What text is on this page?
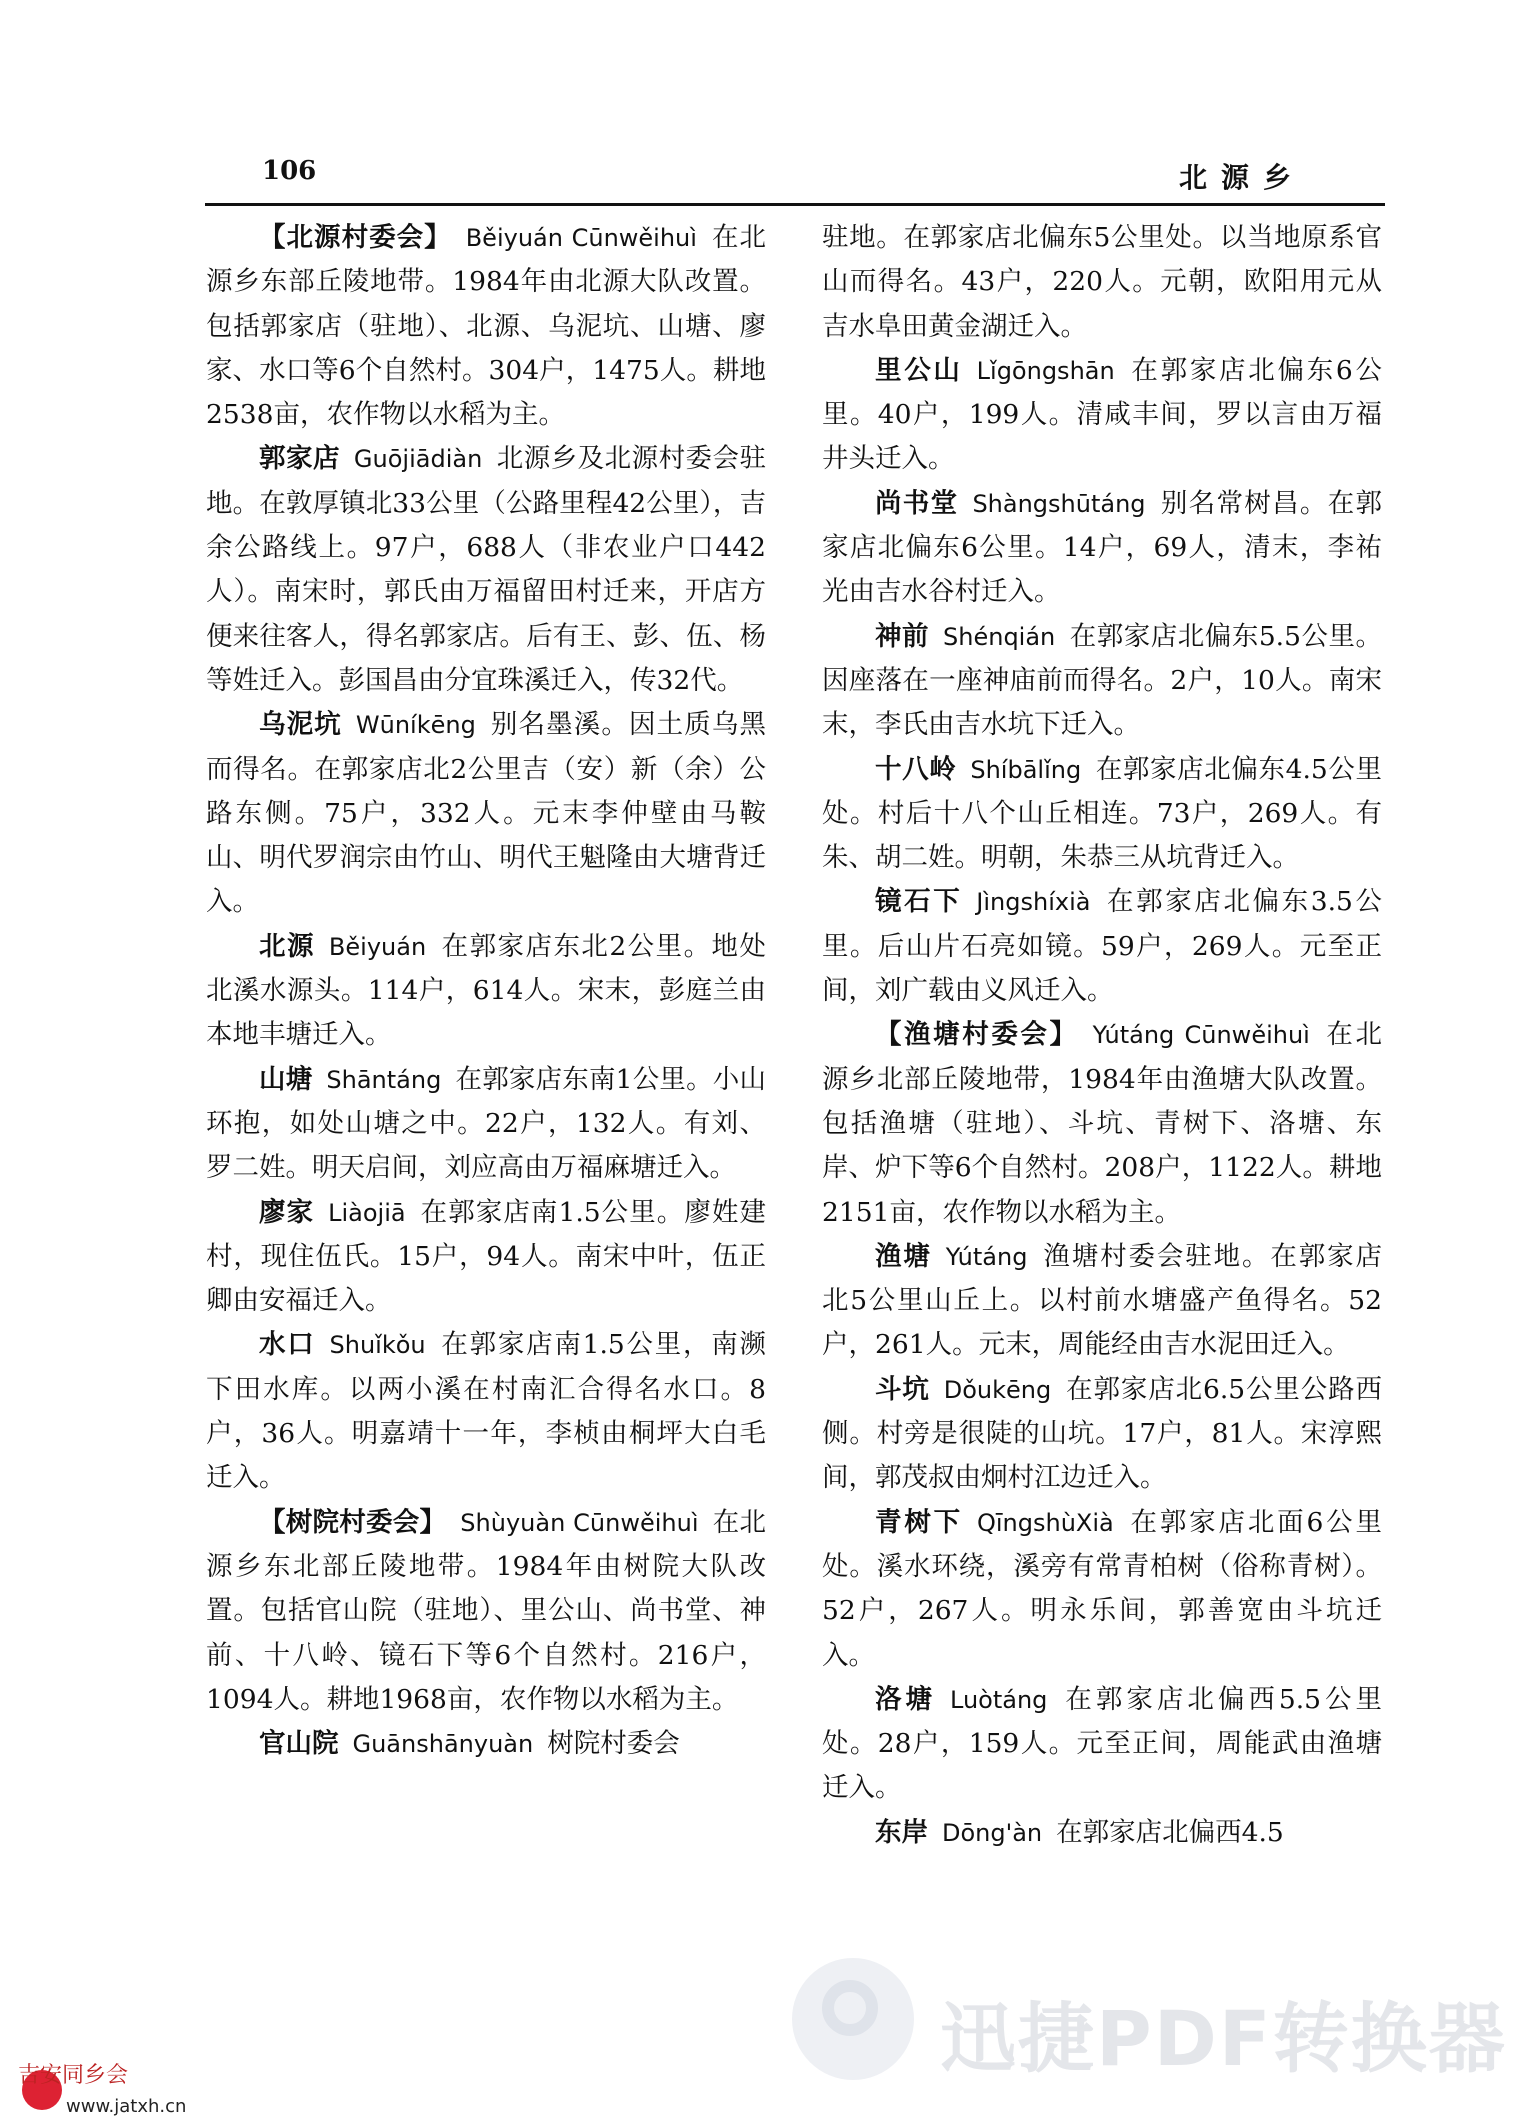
106	北源乡

【北源村委会】 Běiyuán Cūnwěihuì 在北源乡东部丘陵地带。1984年由北源大队改置。包括郭家店（驻地）、北源、乌泥坑、山塘、廖家、水口等6个自然村。304户，1475人。耕地2538亩，农作物以水稻为主。

郭家店 Guōjiādiàn 北源乡及北源村委会驻地。在敦厚镇北33公里（公路里程42公里），吉余公路线上。97户，688人（非农业户口442人）。南宋时，郭氏由万福留田村迁来，开店方便来往客人，得名郭家店。后有王、彭、伍、杨等姓迁入。彭国昌由分宜珠溪迁入，传32代。

乌泥坑 Wūníkēng 别名墨溪。因土质乌黑而得名。在郭家店北2公里吉（安）新（余）公路东侧。75户，332人。元末李仲壁由马鞍山、明代罗润宗由竹山、明代王魁隆由大塘背迁入。

北源 Běiyuán 在郭家店东北2公里。地处北溪水源头。114户，614人。宋末，彭庭兰由本地丰塘迁入。

山塘 Shāntáng 在郭家店东南1公里。小山环抱，如处山塘之中。22户，132人。有刘、罗二姓。明天启间，刘应高由万福麻塘迁入。

廖家 Liàojiā 在郭家店南1.5公里。廖姓建村，现住伍氏。15户，94人。南宋中叶，伍正卿由安福迁入。

水口 Shuǐkǒu 在郭家店南1.5公里，南濒下田水库。以两小溪在村南汇合得名水口。8户，36人。明嘉靖十一年，李桢由桐坪大白毛迁入。

【树院村委会】 Shùyuàn Cūnwěihuì 在北源乡东北部丘陵地带。1984年由树院大队改置。包括官山院（驻地）、里公山、尚书堂、神前、十八岭、镜石下等6个自然村。216户，1094人。耕地1968亩，农作物以水稻为主。

官山院 Guānshānyuàn 树院村委会

驻地。在郭家店北偏东5公里处。以当地原系官山而得名。43户，220人。元朝，欧阳用元从吉水阜田黄金湖迁入。

里公山 Lǐgōngshān 在郭家店北偏东6公里。40户，199人。清咸丰间，罗以言由万福井头迁入。

尚书堂 Shàngshūtáng 别名常树昌。在郭家店北偏东6公里。14户，69人，清末，李祐光由吉水谷村迁入。

神前 Shénqián 在郭家店北偏东5.5公里。因座落在一座神庙前而得名。2户，10人。南宋末，李氏由吉水坑下迁入。

十八岭 Shíbālǐng 在郭家店北偏东4.5公里处。村后十八个山丘相连。73户，269人。有朱、胡二姓。明朝，朱恭三从坑背迁入。

镜石下 Jìngshíxià 在郭家店北偏东3.5公里。后山片石亮如镜。59户，269人。元至正间，刘广载由义风迁入。

【渔塘村委会】 Yútáng Cūnwěihuì 在北源乡北部丘陵地带，1984年由渔塘大队改置。包括渔塘（驻地）、斗坑、青树下、洛塘、东岸、炉下等6个自然村。208户，1122人。耕地2151亩，农作物以水稻为主。

渔塘 Yútáng 渔塘村委会驻地。在郭家店北5公里山丘上。以村前水塘盛产鱼得名。52户，261人。元末，周能经由吉水泥田迁入。

斗坑 Dǒukēng 在郭家店北6.5公里公路西侧。村旁是很陡的山坑。17户，81人。宋淳熙间，郭茂叔由炯村江边迁入。

青树下 QīngshùXià 在郭家店北面6公里处。溪水环绕，溪旁有常青柏树（俗称青树）。52户，267人。明永乐间，郭善宽由斗坑迁入。

洛塘 Luòtáng 在郭家店北偏西5.5公里处。28户，159人。元至正间，周能武由渔塘迁入。

东岸 Dōng'àn 在郭家店北偏西4.5

迅捷PDF转换器
吉安同乡会
www.jatxh.cn
